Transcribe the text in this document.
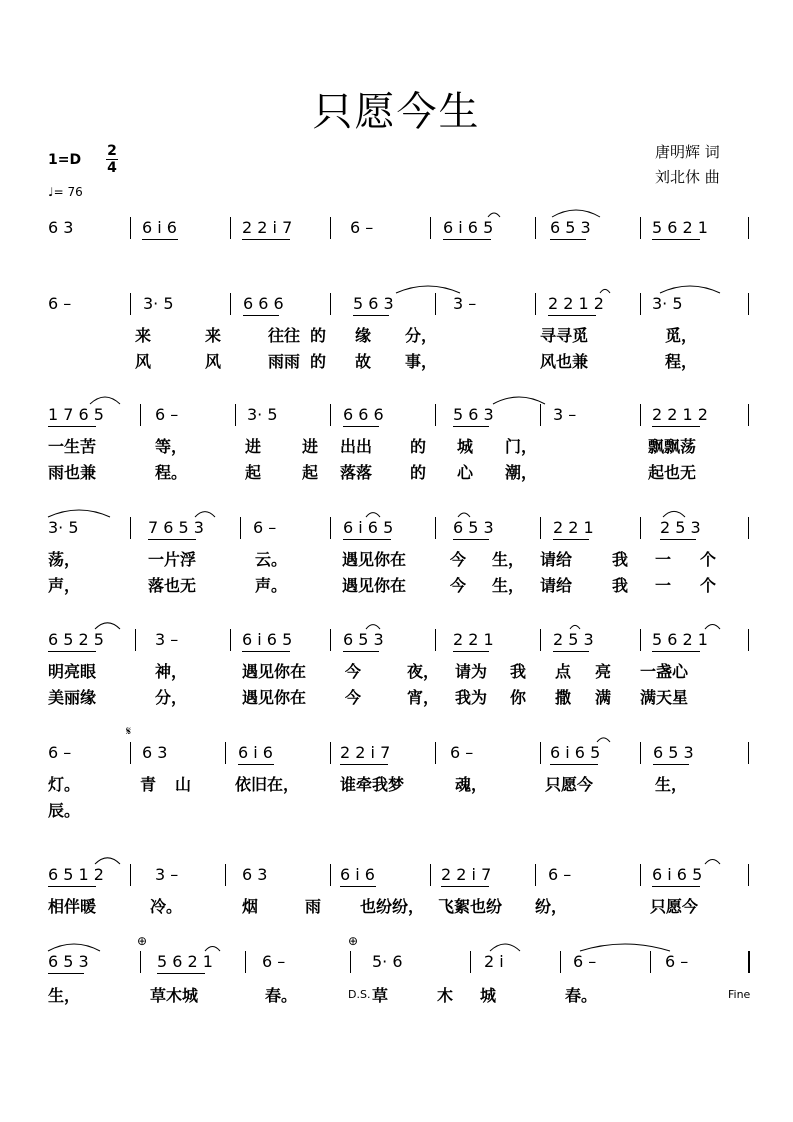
只愿今生
1=D
2
4
♩= 76
唐明辉 词
刘北休 曲
6 3	6 i 6	2 2 i 7	6 –	6 i 6 5	6 5 3	5 6 2 1
6 –	3· 5	6 6 6	5 6 3	3 –	2 2 1 2	3· 5
来	来	往往 的 缘 分，	寻寻觅	觅，
风	风	雨雨 的 故 事，	风也兼	程，
1 7 6 5	6 –	3· 5	6 6 6	5 6 3	3 –	2 2 1 2
一生苦	等，	进	进 出出 的 城 门，	飘飘荡
雨也兼	程。	起	起 落落 的 心 潮，	起也无
3· 5	7 6 5 3	6 –	6 i 6 5	6 5 3	2 2 1	2 5 3
荡，	一片浮	云。	遇见你在	今 生， 请给 我 一 个
声，	落也无	声。	遇见你在	今 生， 请给 我 一 个
6 5 2 5	3 –	6 i 6 5	6 5 3	2 2 1	2 5 3	5 6 2 1
明亮眼	神，	遇见你在 今	夜， 请为 我 点 亮 一盏心
美丽缘	分，	遇见你在 今	宵， 我为 你 撒 满 满天星
6 –	6 3	6 i 6	2 2 i 7	6 –	6 i 6 5	6 5 3
灯。	青 山	依旧在，	谁牵我梦	魂，	只愿今	生，
辰。
6 5 1 2	3 –	6 3	6 i 6	2 2 i 7	6 –	6 i 6 5
相伴暖	冷。	烟	雨 也纷纷， 飞絮也纷 纷，	只愿今
6 5 3	5 6 2 1	6 –	5· 6	2 i	6 –	6 –
生，	草木城	春。	草	木 城	春。
𝄋
⊕	⊕
D.S.	Fine
